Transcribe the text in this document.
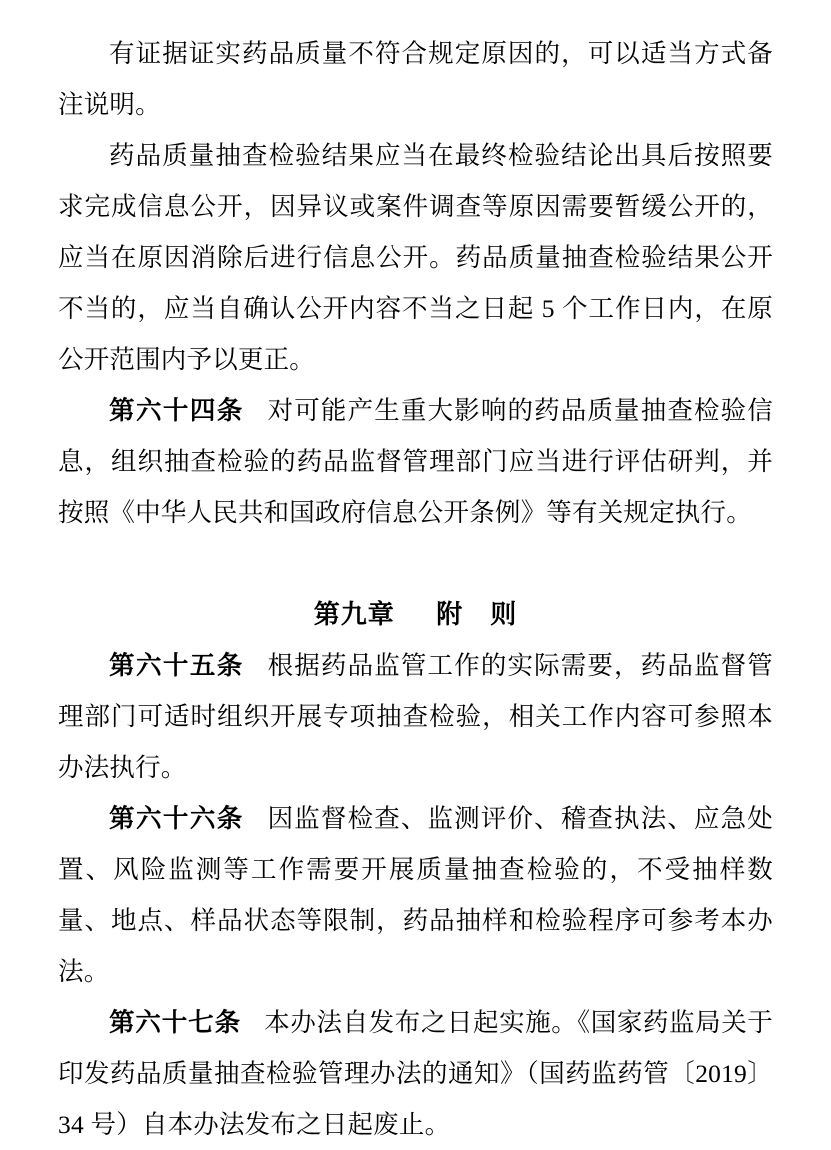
有证据证实药品质量不符合规定原因的，可以适当方式备注说明。

药品质量抽查检验结果应当在最终检验结论出具后按照要求完成信息公开，因异议或案件调查等原因需要暂缓公开的，应当在原因消除后进行信息公开。药品质量抽查检验结果公开不当的，应当自确认公开内容不当之日起 5 个工作日内，在原公开范围内予以更正。

第六十四条 对可能产生重大影响的药品质量抽查检验信息，组织抽查检验的药品监督管理部门应当进行评估研判，并按照《中华人民共和国政府信息公开条例》等有关规定执行。

第九章 附　则

第六十五条 根据药品监管工作的实际需要，药品监督管理部门可适时组织开展专项抽查检验，相关工作内容可参照本办法执行。

第六十六条 因监督检查、监测评价、稽查执法、应急处置、风险监测等工作需要开展质量抽查检验的，不受抽样数量、地点、样品状态等限制，药品抽样和检验程序可参考本办法。

第六十七条 本办法自发布之日起实施。《国家药监局关于印发药品质量抽查检验管理办法的通知》（国药监药管〔2019〕34 号）自本办法发布之日起废止。
